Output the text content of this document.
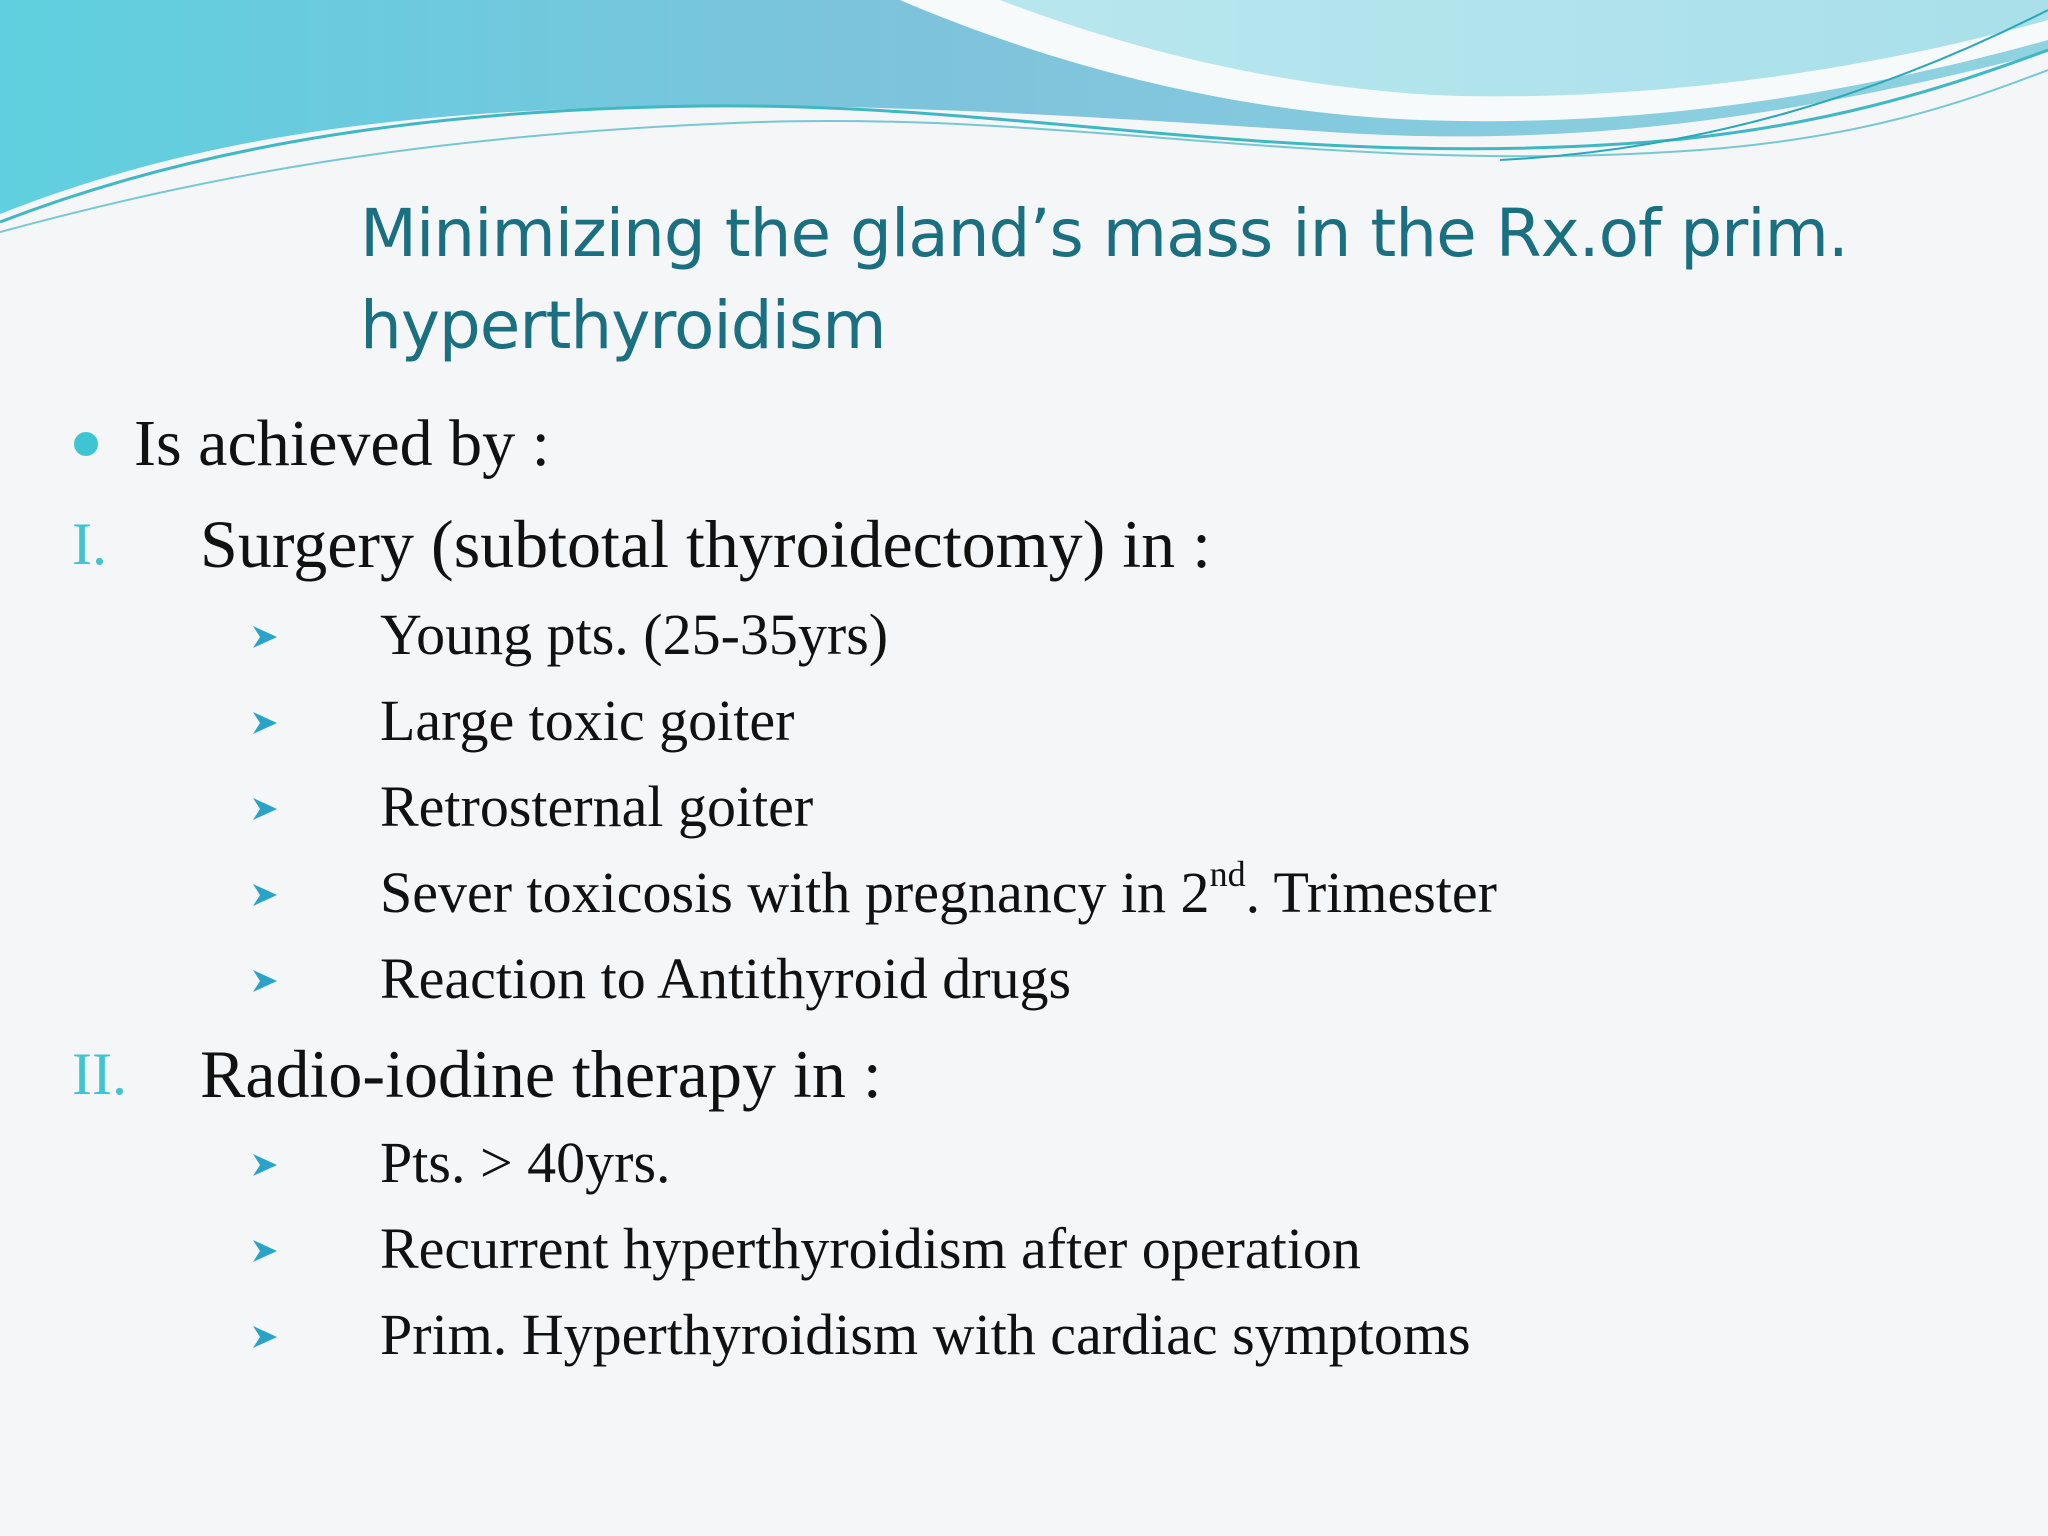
Minimizing the gland’s mass in the Rx.of prim.
hyperthyroidism
Is achieved by :
I. Surgery (subtotal thyroidectomy) in :
Young pts. (25-35yrs)
Large toxic goiter
Retrosternal goiter
Sever toxicosis with pregnancy in 2nd. Trimester
Reaction to Antithyroid drugs
II. Radio-iodine therapy in :
Pts. > 40yrs.
Recurrent hyperthyroidism after operation
Prim. Hyperthyroidism with cardiac symptoms
